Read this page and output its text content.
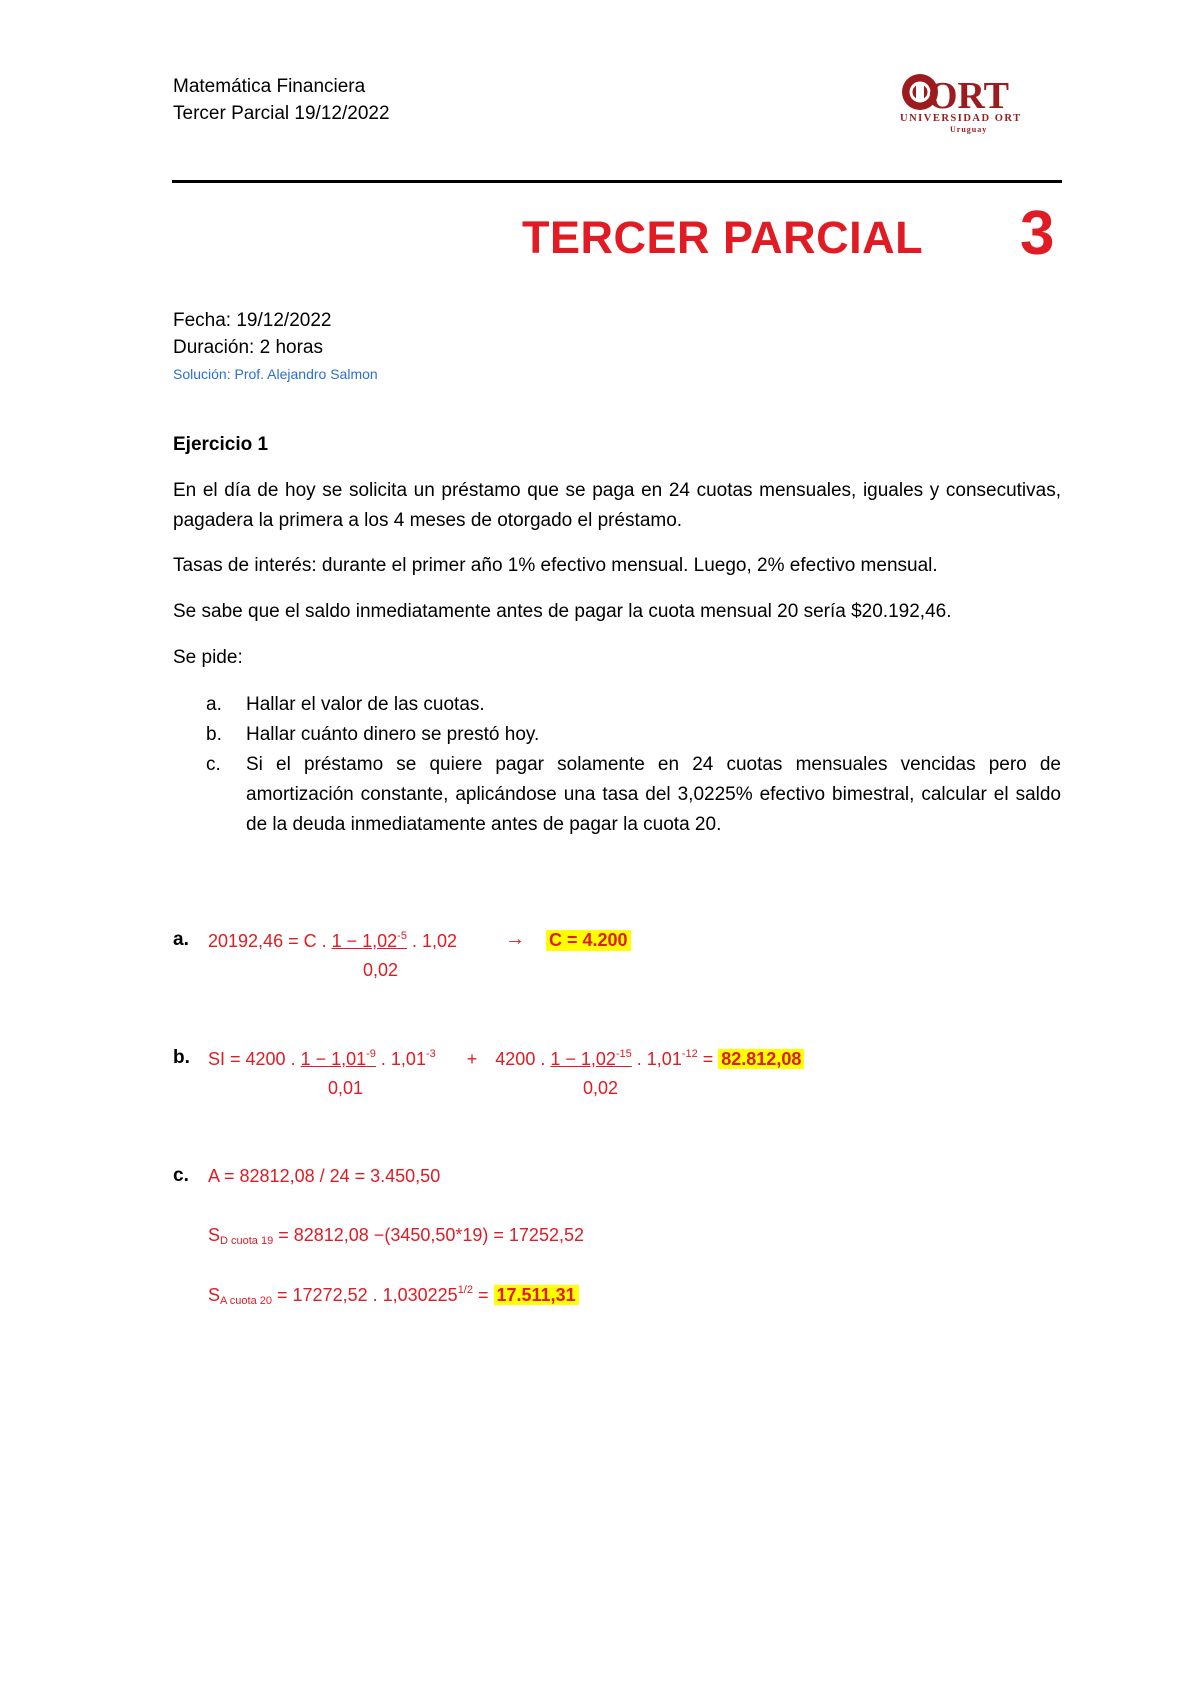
Matemática Financiera
Tercer Parcial 19/12/2022	ORT
UNIVERSIDAD ORT
Uruguay
TERCER PARCIAL 3
Fecha: 19/12/2022
Duración: 2 horas
Solución: Prof. Alejandro Salmon
Ejercicio 1
En el día de hoy se solicita un préstamo que se paga en 24 cuotas mensuales, iguales y consecutivas, pagadera la primera a los 4 meses de otorgado el préstamo.
Tasas de interés: durante el primer año 1% efectivo mensual. Luego, 2% efectivo mensual.
Se sabe que el saldo inmediatamente antes de pagar la cuota mensual 20 sería $20.192,46.
Se pide:
a. Hallar el valor de las cuotas.
b. Hallar cuánto dinero se prestó hoy.
c. Si el préstamo se quiere pagar solamente en 24 cuotas mensuales vencidas pero de amortización constante, aplicándose una tasa del 3,0225% efectivo bimestral, calcular el saldo de la deuda inmediatamente antes de pagar la cuota 20.
a. 20192,46 = C . $1 - 1,02^{-5}$ . 1,02
0,02
→ C = 4.200
b. SI = 4200 . $1 - 1,01^{-9}$ . $1,01^{-3} + 4200$ . $1 - 1,02^{-15}$ . $1,01^{-12} = 82.812,08$
0,01	0,02
c. A = 82812,08 / 24 = 3.450,50
$S_{D cuota 19} = 82812,08 -(3450,50*19) = 17252,52$
$S_{A cuota 20} = 17272,52$ . $1,030225^{1/2} = 17.511,31$
